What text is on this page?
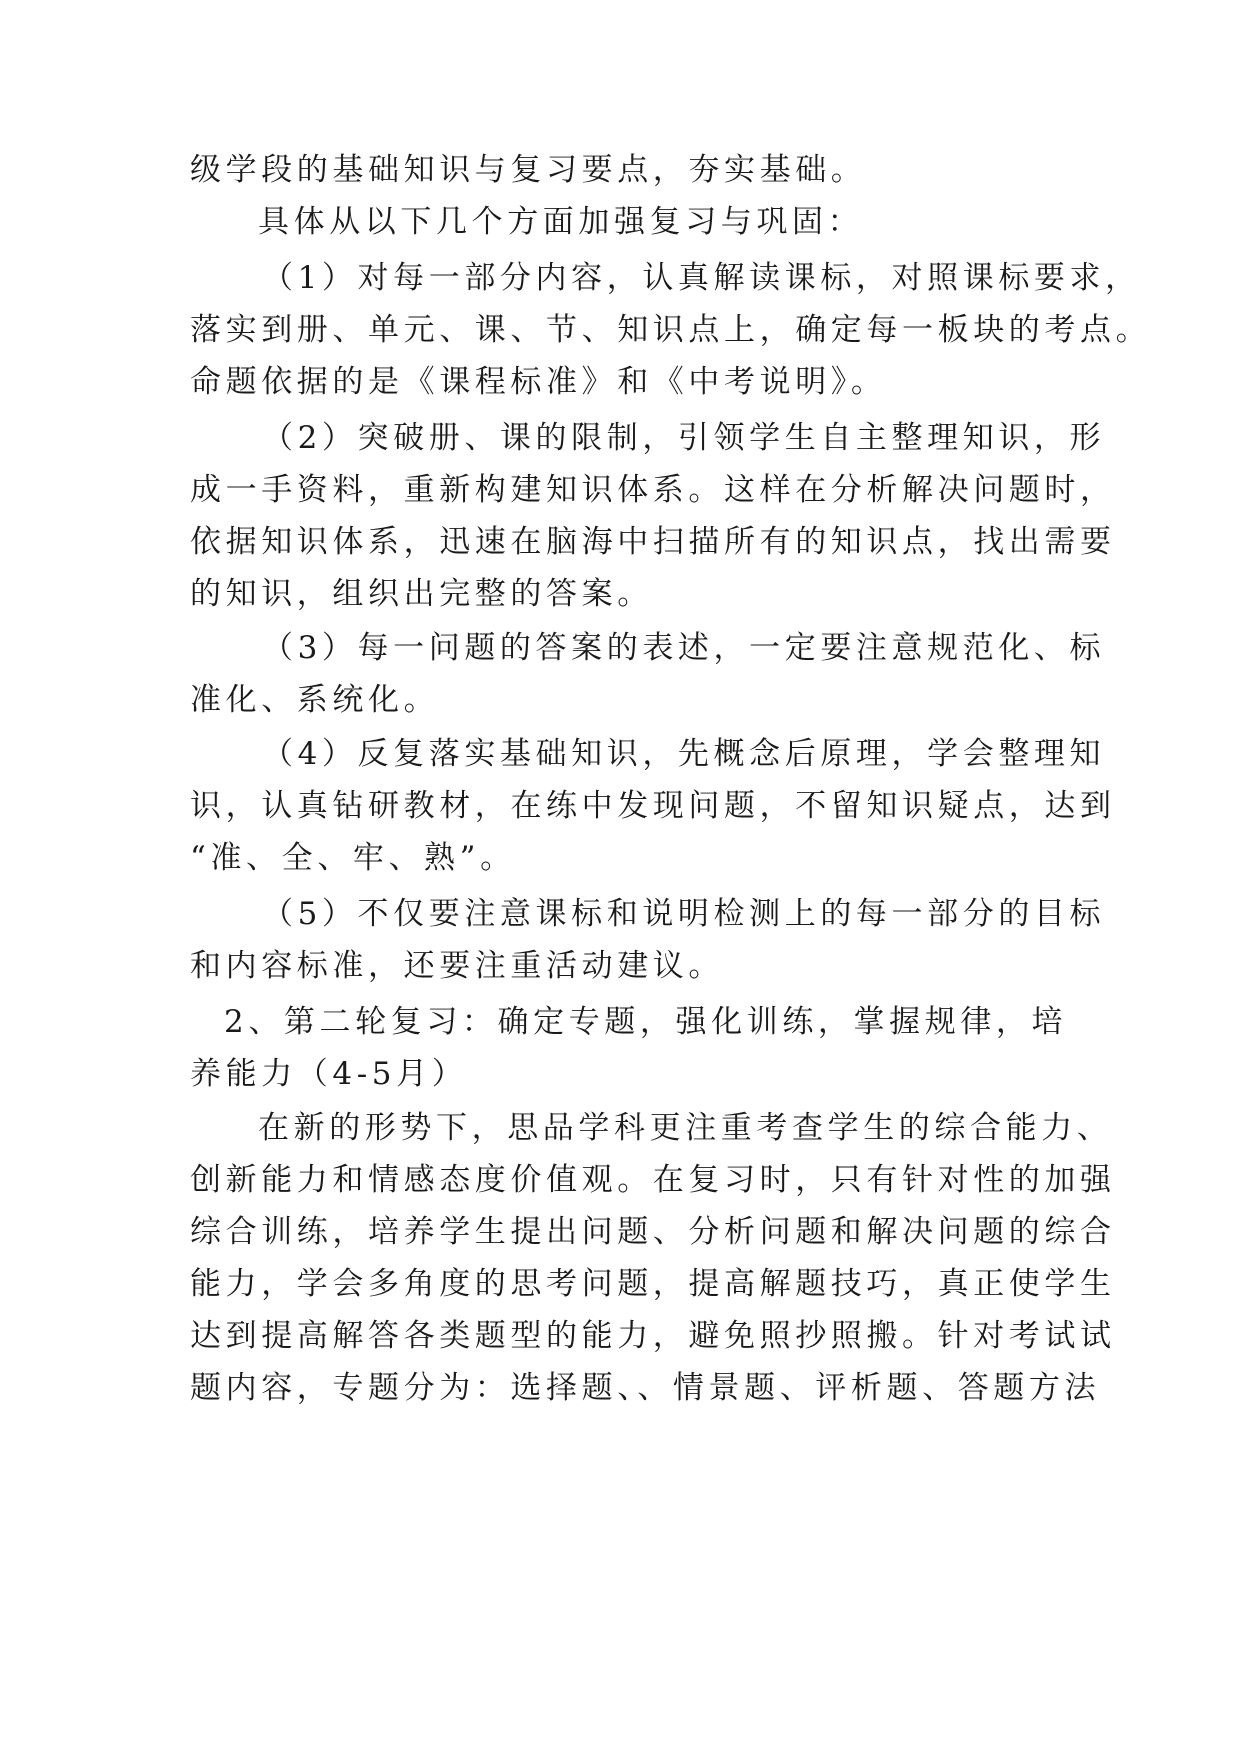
级学段的基础知识与复习要点，夯实基础。
具体从以下几个方面加强复习与巩固：
（1）对每一部分内容，认真解读课标，对照课标要求，
落实到册、单元、课、节、知识点上，确定每一板块的考点。
命题依据的是《课程标准》和《中考说明》。
（2）突破册、课的限制，引领学生自主整理知识，形
成一手资料，重新构建知识体系。这样在分析解决问题时，
依据知识体系，迅速在脑海中扫描所有的知识点，找出需要
的知识，组织出完整的答案。
（3）每一问题的答案的表述，一定要注意规范化、标
准化、系统化。
（4）反复落实基础知识，先概念后原理，学会整理知
识，认真钻研教材，在练中发现问题，不留知识疑点，达到
“准、全、牢、熟”。
（5）不仅要注意课标和说明检测上的每一部分的目标
和内容标准，还要注重活动建议。
2、第二轮复习：确定专题，强化训练，掌握规律，培
养能力（4-5月）
在新的形势下，思品学科更注重考查学生的综合能力、
创新能力和情感态度价值观。在复习时，只有针对性的加强
综合训练，培养学生提出问题、分析问题和解决问题的综合
能力，学会多角度的思考问题，提高解题技巧，真正使学生
达到提高解答各类题型的能力，避免照抄照搬。针对考试试
题内容，专题分为：选择题、、情景题、评析题、答题方法
